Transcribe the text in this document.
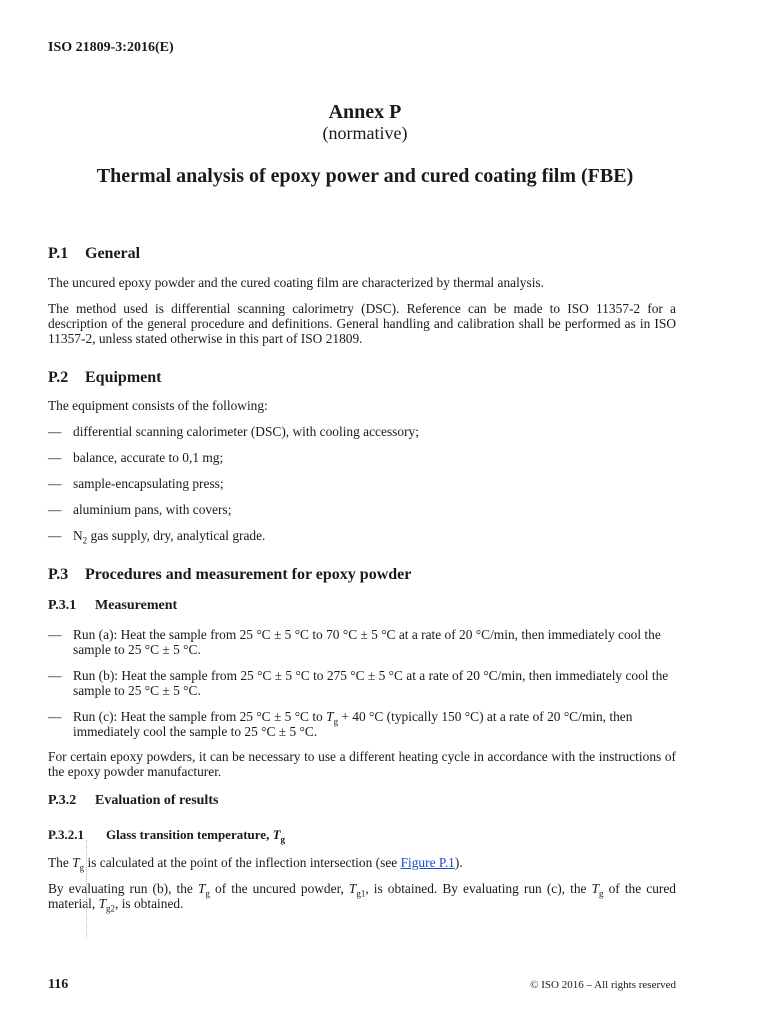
ISO 21809-3:2016(E)
Annex P
(normative)
Thermal analysis of epoxy power and cured coating film (FBE)
P.1 General
The uncured epoxy powder and the cured coating film are characterized by thermal analysis.
The method used is differential scanning calorimetry (DSC). Reference can be made to ISO 11357-2 for a description of the general procedure and definitions. General handling and calibration shall be performed as in ISO 11357-2, unless stated otherwise in this part of ISO 21809.
P.2 Equipment
The equipment consists of the following:
— differential scanning calorimeter (DSC), with cooling accessory;
— balance, accurate to 0,1 mg;
— sample-encapsulating press;
— aluminium pans, with covers;
— $N_2$ gas supply, dry, analytical grade.
P.3 Procedures and measurement for epoxy powder
P.3.1 Measurement
— Run (a): Heat the sample from 25 °C ± 5 °C to 70 °C ± 5 °C at a rate of 20 °C/min, then immediately cool the sample to 25 °C ± 5 °C.
— Run (b): Heat the sample from 25 °C ± 5 °C to 275 °C ± 5 °C at a rate of 20 °C/min, then immediately cool the sample to 25 °C ± 5 °C.
— Run (c): Heat the sample from 25 °C ± 5 °C to $T_g + 40$ °C (typically 150 °C) at a rate of 20 °C/min, then immediately cool the sample to 25 °C ± 5 °C.
For certain epoxy powders, it can be necessary to use a different heating cycle in accordance with the instructions of the epoxy powder manufacturer.
P.3.2 Evaluation of results
P.3.2.1 Glass transition temperature, $T_g$
The $T_g$ is calculated at the point of the inflection intersection (see Figure P.1).
By evaluating run (b), the $T_g$ of the uncured powder, $T_{g1}$, is obtained. By evaluating run (c), the $T_g$ of the cured material, $T_{g2}$, is obtained.
116	© ISO 2016 – All rights reserved
